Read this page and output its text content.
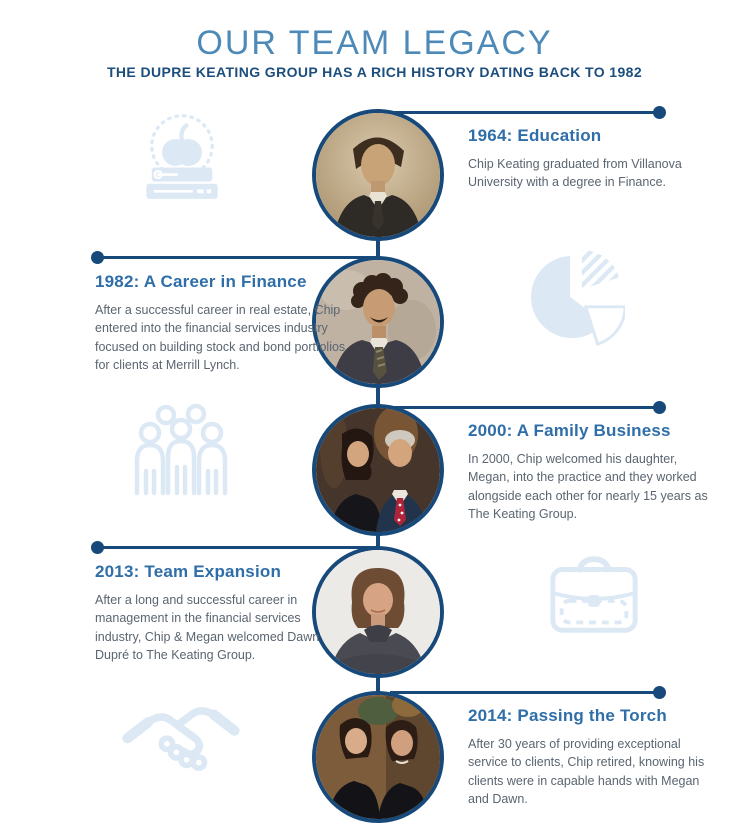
OUR TEAM LEGACY
THE DUPRE KEATING GROUP HAS A RICH HISTORY DATING BACK TO 1982
1964: Education

Chip Keating graduated from Villanova University with a degree in Finance.

1982: A Career in Finance

After a successful career in real estate, Chip entered into the financial services industry focused on building stock and bond portfolios for clients at Merrill Lynch.

2000: A Family Business

In 2000, Chip welcomed his daughter, Megan, into the practice and they worked alongside each other for nearly 15 years as The Keating Group.

2013: Team Expansion

After a long and successful career in management in the financial services industry, Chip & Megan welcomed Dawn Dupré to The Keating Group.

2014: Passing the Torch

After 30 years of providing exceptional service to clients, Chip retired, knowing his clients were in capable hands with Megan and Dawn.
